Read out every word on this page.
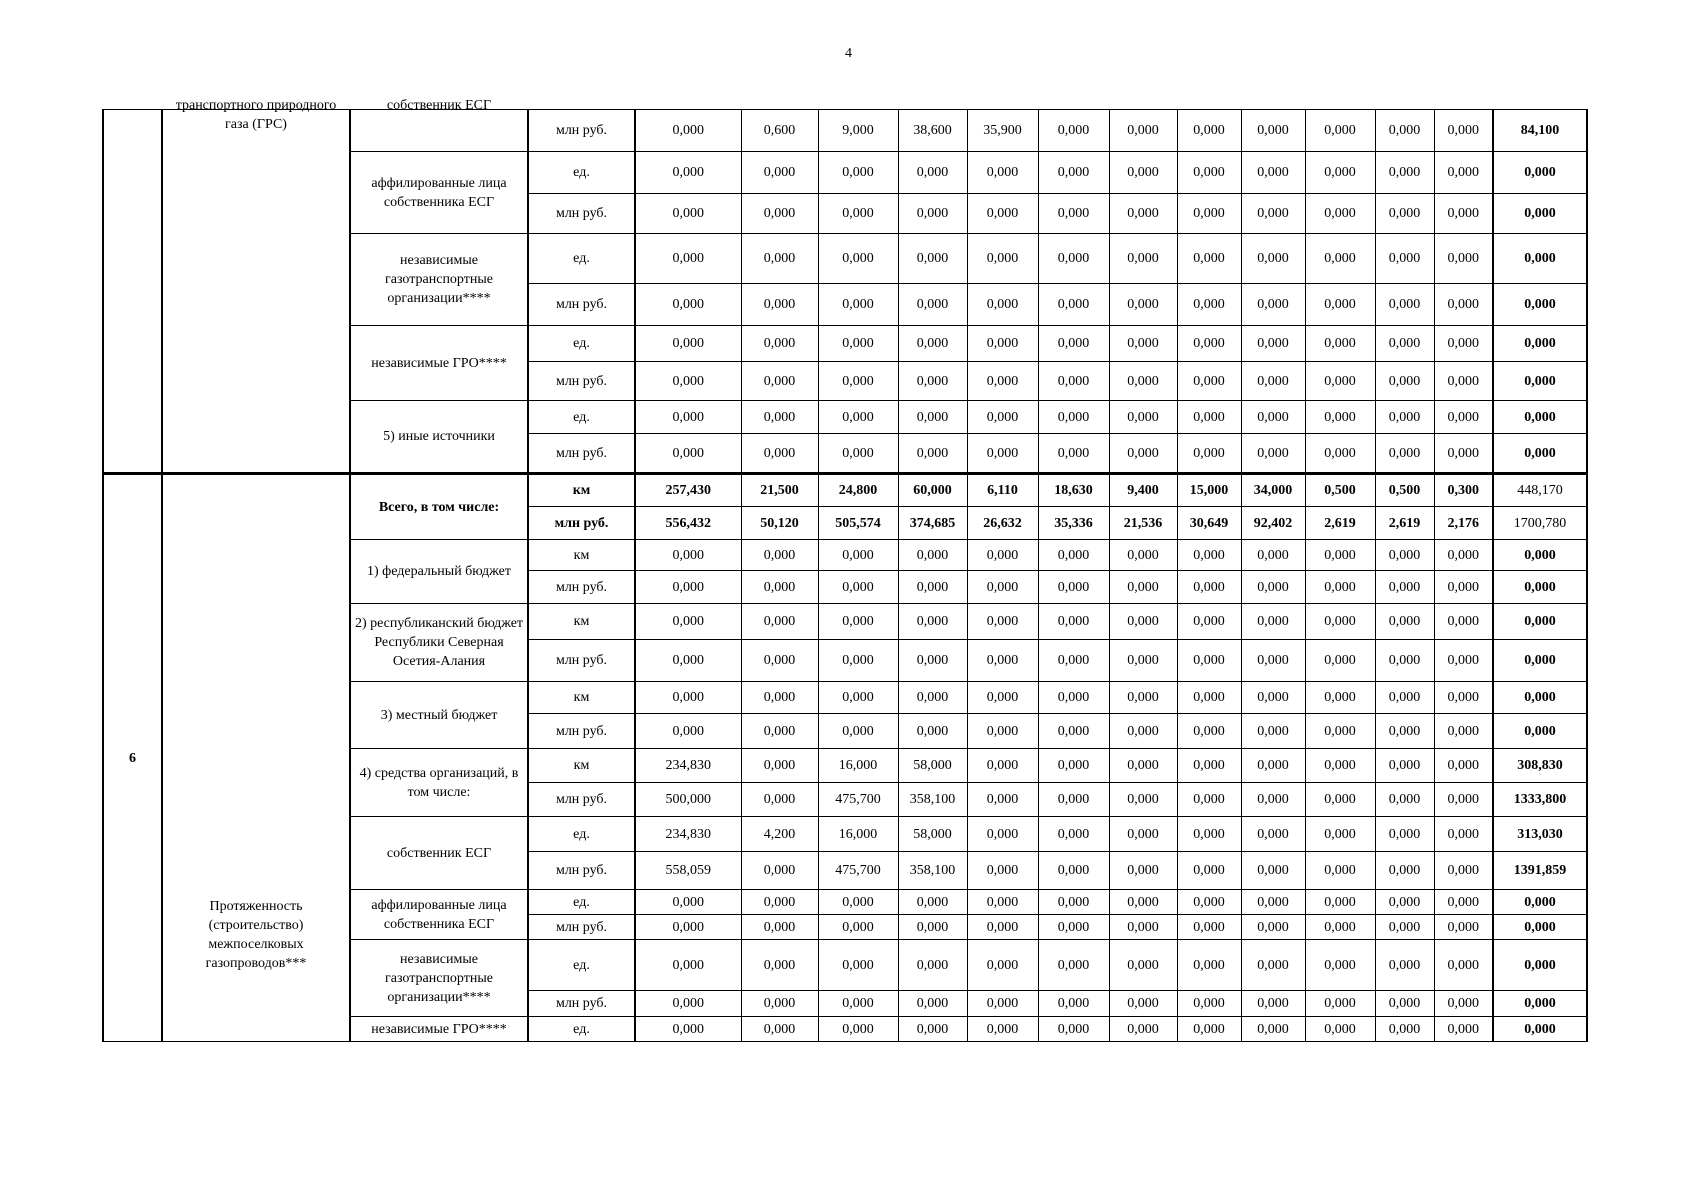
4

	транспортного природного
газа (ГРС)	собственник ЕСГ	млн руб.	0,000	0,600	9,000	38,600	35,900	0,000	0,000	0,000	0,000	0,000	0,000	0,000	84,100

		аффилированные лица собственника ЕСГ	ед.	0,000	0,000	0,000	0,000	0,000	0,000	0,000	0,000	0,000	0,000	0,000	0,000	0,000
			млн руб.	0,000	0,000	0,000	0,000	0,000	0,000	0,000	0,000	0,000	0,000	0,000	0,000	0,000

		независимые газотранспортные организации****	ед.	0,000	0,000	0,000	0,000	0,000	0,000	0,000	0,000	0,000	0,000	0,000	0,000	0,000
			млн руб.	0,000	0,000	0,000	0,000	0,000	0,000	0,000	0,000	0,000	0,000	0,000	0,000	0,000

		независимые ГРО****	ед.	0,000	0,000	0,000	0,000	0,000	0,000	0,000	0,000	0,000	0,000	0,000	0,000	0,000
			млн руб.	0,000	0,000	0,000	0,000	0,000	0,000	0,000	0,000	0,000	0,000	0,000	0,000	0,000

		5) иные источники	ед.	0,000	0,000	0,000	0,000	0,000	0,000	0,000	0,000	0,000	0,000	0,000	0,000	0,000
			млн руб.	0,000	0,000	0,000	0,000	0,000	0,000	0,000	0,000	0,000	0,000	0,000	0,000	0,000
6	Протяженность (строительство) межпоселковых газопроводов***	Всего, в том числе:	км	257,430	21,500	24,800	60,000	6,110	18,630	9,400	15,000	34,000	0,500	0,500	0,300	448,170
			млн руб.	556,432	50,120	505,574	374,685	26,632	35,336	21,536	30,649	92,402	2,619	2,619	2,176	1700,780

		1) федеральный бюджет	км	0,000	0,000	0,000	0,000	0,000	0,000	0,000	0,000	0,000	0,000	0,000	0,000	0,000
			млн руб.	0,000	0,000	0,000	0,000	0,000	0,000	0,000	0,000	0,000	0,000	0,000	0,000	0,000

		2) республиканский бюджет Республики Северная Осетия-Алания	км	0,000	0,000	0,000	0,000	0,000	0,000	0,000	0,000	0,000	0,000	0,000	0,000	0,000
			млн руб.	0,000	0,000	0,000	0,000	0,000	0,000	0,000	0,000	0,000	0,000	0,000	0,000	0,000

		3) местный бюджет	км	0,000	0,000	0,000	0,000	0,000	0,000	0,000	0,000	0,000	0,000	0,000	0,000	0,000
			млн руб.	0,000	0,000	0,000	0,000	0,000	0,000	0,000	0,000	0,000	0,000	0,000	0,000	0,000

		4) средства организаций, в том числе:	км	234,830	0,000	16,000	58,000	0,000	0,000	0,000	0,000	0,000	0,000	0,000	0,000	308,830
			млн руб.	500,000	0,000	475,700	358,100	0,000	0,000	0,000	0,000	0,000	0,000	0,000	0,000	1333,800

		собственник ЕСГ	ед.	234,830	4,200	16,000	58,000	0,000	0,000	0,000	0,000	0,000	0,000	0,000	0,000	313,030
			млн руб.	558,059	0,000	475,700	358,100	0,000	0,000	0,000	0,000	0,000	0,000	0,000	0,000	1391,859

		аффилированные лица собственника ЕСГ	ед.	0,000	0,000	0,000	0,000	0,000	0,000	0,000	0,000	0,000	0,000	0,000	0,000	0,000
			млн руб.	0,000	0,000	0,000	0,000	0,000	0,000	0,000	0,000	0,000	0,000	0,000	0,000	0,000

		независимые газотранспортные организации****	ед.	0,000	0,000	0,000	0,000	0,000	0,000	0,000	0,000	0,000	0,000	0,000	0,000	0,000
			млн руб.	0,000	0,000	0,000	0,000	0,000	0,000	0,000	0,000	0,000	0,000	0,000	0,000	0,000

		независимые ГРО****	ед.	0,000	0,000	0,000	0,000	0,000	0,000	0,000	0,000	0,000	0,000	0,000	0,000	0,000
